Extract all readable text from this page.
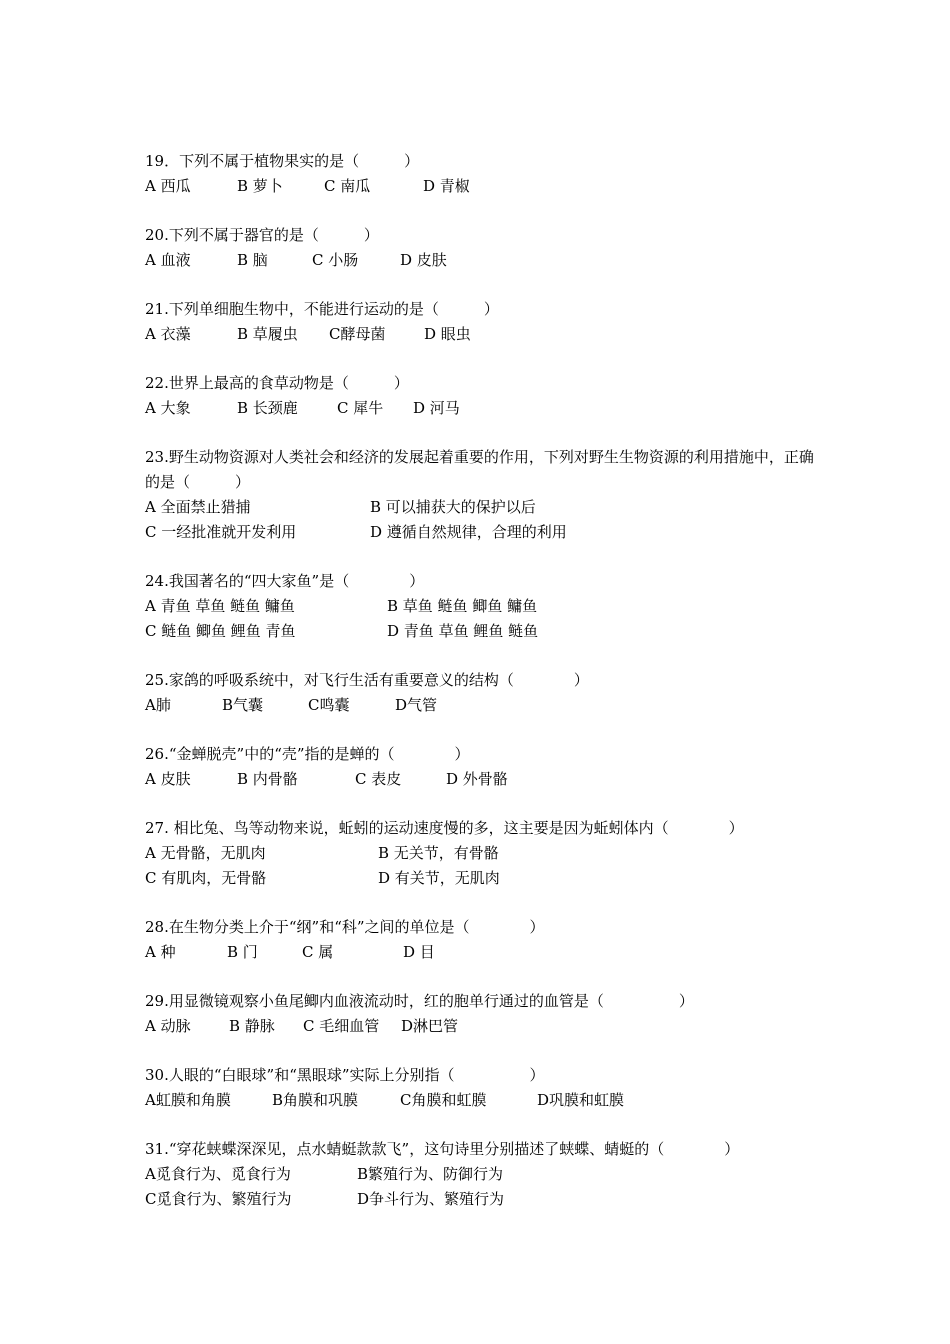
19．下列不属于植物果实的是（　　　）
A 西瓜	B 萝卜	C 南瓜	D 青椒
20.下列不属于器官的是（　　　）
A 血液	B 脑	C 小肠	D 皮肤
21.下列单细胞生物中，不能进行运动的是（　　　）
A 衣藻	B 草履虫	C酵母菌	D 眼虫
22.世界上最高的食草动物是（　　　）
A 大象	B 长颈鹿	C 犀牛	D 河马
23.野生动物资源对人类社会和经济的发展起着重要的作用，下列对野生生物资源的利用措施中，正确的是（　　　）
A 全面禁止猎捕	B 可以捕获大的保护以后
C 一经批准就开发利用	D 遵循自然规律，合理的利用
24.我国著名的“四大家鱼”是（　　　　）
A 青鱼 草鱼 鲢鱼 鳙鱼	B 草鱼 鲢鱼 鲫鱼 鳙鱼
C 鲢鱼 鲫鱼 鲤鱼 青鱼	D 青鱼 草鱼 鲤鱼 鲢鱼
25.家鸽的呼吸系统中，对飞行生活有重要意义的结构（　　　　）
A肺	B气囊	C鸣囊	D气管
26.“金蝉脱壳”中的“壳”指的是蝉的（　　　　）
A 皮肤	B 内骨骼	C 表皮	D 外骨骼
27. 相比兔、鸟等动物来说，蚯蚓的运动速度慢的多，这主要是因为蚯蚓体内（　　　　）
A 无骨骼，无肌肉	B 无关节，有骨骼
C 有肌肉，无骨骼	D 有关节，无肌肉
28.在生物分类上介于“纲”和“科”之间的单位是（　　　　）
A 种	B 门	C 属	D 目
29.用显微镜观察小鱼尾鲫内血液流动时，红的胞单行通过的血管是（　　　　　）
A 动脉	B 静脉	C 毛细血管	D淋巴管
30.人眼的“白眼球”和“黑眼球”实际上分别指（　　　　　）
A虹膜和角膜	B角膜和巩膜	C角膜和虹膜	D巩膜和虹膜
31.“穿花蛱蝶深深见，点水蜻蜓款款飞”，这句诗里分别描述了蛱蝶、蜻蜓的（　　　　）
A觅食行为、觅食行为	B繁殖行为、防御行为
C觅食行为、繁殖行为	D争斗行为、繁殖行为
